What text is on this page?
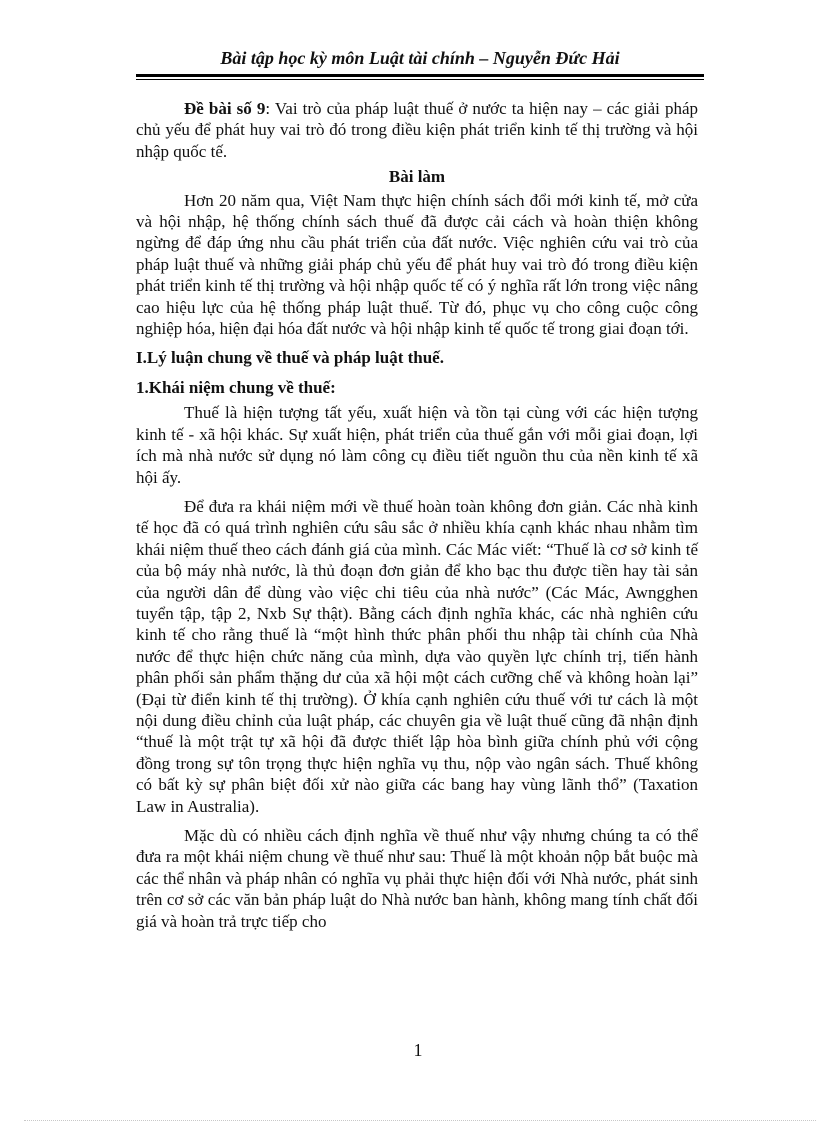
Bài tập học kỳ môn Luật tài chính – Nguyễn Đức Hải

Đề bài số 9: Vai trò của pháp luật thuế ở nước ta hiện nay – các giải pháp chủ yếu để phát huy vai trò đó trong điều kiện phát triển kinh tế thị trường và hội nhập quốc tế.

Bài làm

Hơn 20 năm qua, Việt Nam thực hiện chính sách đổi mới kinh tế, mở cửa và hội nhập, hệ thống chính sách thuế đã được cải cách và hoàn thiện không ngừng để đáp ứng nhu cầu phát triển của đất nước. Việc nghiên cứu vai trò của pháp luật thuế và những giải pháp chủ yếu để phát huy vai trò đó trong điều kiện phát triển kinh tế thị trường và hội nhập quốc tế có ý nghĩa rất lớn trong việc nâng cao hiệu lực của hệ thống pháp luật thuế. Từ đó, phục vụ cho công cuộc công nghiệp hóa, hiện đại hóa đất nước và hội nhập kinh tế quốc tế trong giai đoạn tới.

I.Lý luận chung về thuế và pháp luật thuế.

1.Khái niệm chung về thuế:

Thuế là hiện tượng tất yếu, xuất hiện và tồn tại cùng với các hiện tượng kinh tế - xã hội khác. Sự xuất hiện, phát triển của thuế gắn với mỗi giai đoạn, lợi ích mà nhà nước sử dụng nó làm công cụ điều tiết nguồn thu của nền kinh tế xã hội ấy.

Để đưa ra khái niệm mới về thuế hoàn toàn không đơn giản. Các nhà kinh tế học đã có quá trình nghiên cứu sâu sắc ở nhiều khía cạnh khác nhau nhằm tìm khái niệm thuế theo cách đánh giá của mình. Các Mác viết: “Thuế là cơ sở kinh tế của bộ máy nhà nước, là thủ đoạn đơn giản để kho bạc thu được tiền hay tài sản của người dân để dùng vào việc chi tiêu của nhà nước” (Các Mác, Awngghen tuyển tập, tập 2, Nxb Sự thật). Bằng cách định nghĩa khác, các nhà nghiên cứu kinh tế cho rằng thuế là “một hình thức phân phối thu nhập tài chính của Nhà nước để thực hiện chức năng của mình, dựa vào quyền lực chính trị, tiến hành phân phối sản phẩm thặng dư của xã hội một cách cưỡng chế và không hoàn lại” (Đại từ điển kinh tế thị trường). Ở khía cạnh nghiên cứu thuế với tư cách là một nội dung điều chỉnh của luật pháp, các chuyên gia về luật thuế cũng đã nhận định “thuế là một trật tự xã hội đã được thiết lập hòa bình giữa chính phủ với cộng đồng trong sự tôn trọng thực hiện nghĩa vụ thu, nộp vào ngân sách. Thuế không có bất kỳ sự phân biệt đối xử nào giữa các bang hay vùng lãnh thổ” (Taxation Law in Australia).

Mặc dù có nhiều cách định nghĩa về thuế như vậy nhưng chúng ta có thể đưa ra một khái niệm chung về thuế như sau: Thuế là một khoản nộp bắt buộc mà các thể nhân và pháp nhân có nghĩa vụ phải thực hiện đối với Nhà nước, phát sinh trên cơ sở các văn bản pháp luật do Nhà nước ban hành, không mang tính chất đối giá và hoàn trả trực tiếp cho

1
